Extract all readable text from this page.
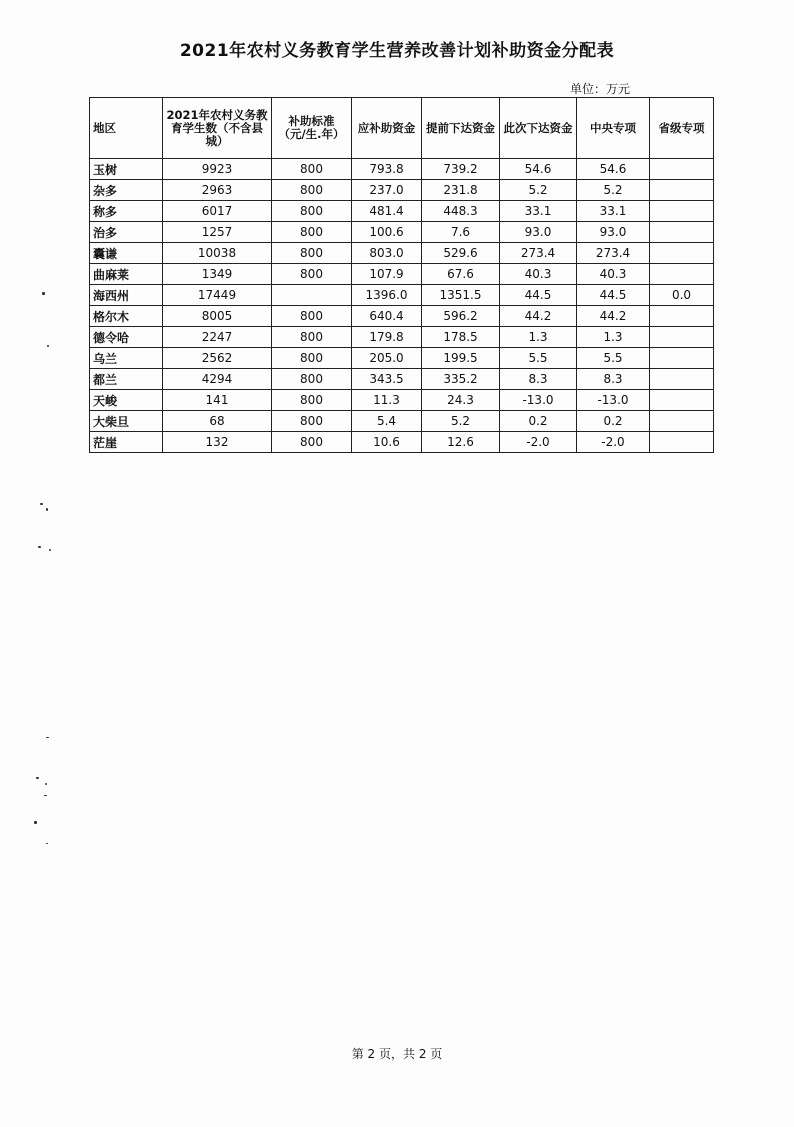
2021年农村义务教育学生营养改善计划补助资金分配表
单位：万元
地区	2021年农村义务教育学生数（不含县城）	补助标准（元/生.年）	应补助资金	提前下达资金	此次下达资金	中央专项	省级专项
玉树	9923	800	793.8	739.2	54.6	54.6	
杂多	2963	800	237.0	231.8	5.2	5.2	
称多	6017	800	481.4	448.3	33.1	33.1	
治多	1257	800	100.6	7.6	93.0	93.0	
囊谦	10038	800	803.0	529.6	273.4	273.4	
曲麻莱	1349	800	107.9	67.6	40.3	40.3	
海西州	17449		1396.0	1351.5	44.5	44.5	0.0
格尔木	8005	800	640.4	596.2	44.2	44.2	
德令哈	2247	800	179.8	178.5	1.3	1.3	
乌兰	2562	800	205.0	199.5	5.5	5.5	
都兰	4294	800	343.5	335.2	8.3	8.3	
天峻	141	800	11.3	24.3	-13.0	-13.0	
大柴旦	68	800	5.4	5.2	0.2	0.2	
茫崖	132	800	10.6	12.6	-2.0	-2.0	
第 2 页，共 2 页
